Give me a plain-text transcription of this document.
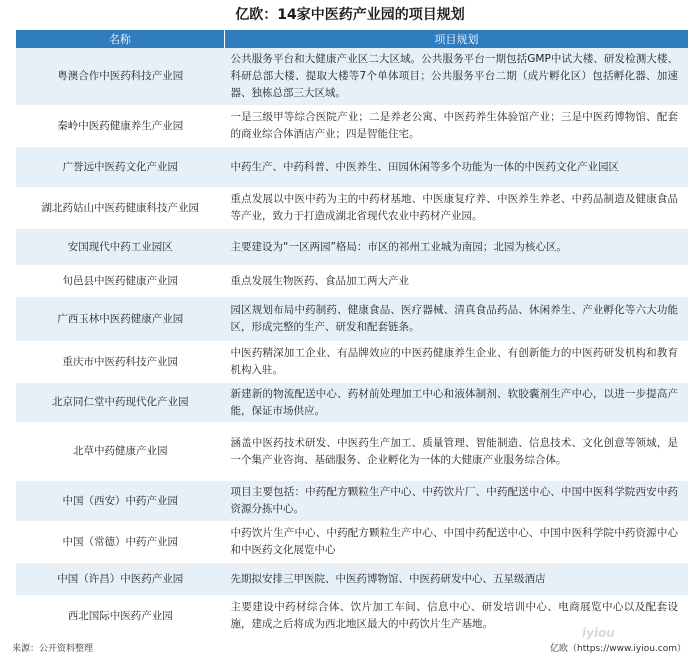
亿欧：14家中医药产业园的项目规划
名称	项目规划
粤澳合作中医药科技产业园	公共服务平台和大健康产业区二大区域。公共服务平台一期包括GMP中试大楼、研发检测大楼、科研总部大楼、提取大楼等7个单体项目；公共服务平台二期（成片孵化区）包括孵化器、加速器、独栋总部三大区域。
秦岭中医药健康养生产业园	一是三级甲等综合医院产业；二是养老公寓、中医药养生体验馆产业；三是中医药博物馆、配套的商业综合体酒店产业；四是智能住宅。
广誉远中医药文化产业园	中药生产、中药科普、中医养生、田园休闲等多个功能为一体的中医药文化产业园区
湖北药姑山中医药健康科技产业园	重点发展以中医中药为主的中药材基地、中医康复疗养、中医养生养老、中药品制造及健康食品等产业，致力于打造成湖北省现代农业中药材产业园。
安国现代中药工业园区	主要建设为“一区两园”格局：市区的祁州工业城为南园；北园为核心区。
旬邑县中医药健康产业园	重点发展生物医药、食品加工两大产业
广西玉林中医药健康产业园	园区规划布局中药制药、健康食品、医疗器械、清真食品药品、休闲养生、产业孵化等六大功能区，形成完整的生产、研发和配套链条。
重庆市中医药科技产业园	中医药精深加工企业、有品牌效应的中医药健康养生企业、有创新能力的中医药研发机构和教育机构入驻。
北京同仁堂中药现代化产业园	新建新的物流配送中心、药材前处理加工中心和液体制剂、软胶囊剂生产中心，以进一步提高产能，保证市场供应。
北草中药健康产业园	涵盖中医药技术研发、中医药生产加工、质量管理、智能制造、信息技术、文化创意等领域，是一个集产业咨询、基础服务、企业孵化为一体的大健康产业服务综合体。
中国（西安）中药产业园	项目主要包括：中药配方颗粒生产中心、中药饮片厂、中药配送中心、中国中医科学院西安中药资源分拣中心。
中国（常德）中药产业园	中药饮片生产中心、中药配方颗粒生产中心、中国中药配送中心、中国中医科学院中药资源中心和中医药文化展览中心
中国（许昌）中医药产业园	先期拟安排三甲医院、中医药博物馆、中医药研发中心、五星级酒店
西北国际中医药产业园	主要建设中药材综合体、饮片加工车间、信息中心、研发培训中心、电商展览中心以及配套设施，建成之后将成为西北地区最大的中药饮片生产基地。
iyiou
来源：公开资料整理	亿欧（https://www.iyiou.com）
